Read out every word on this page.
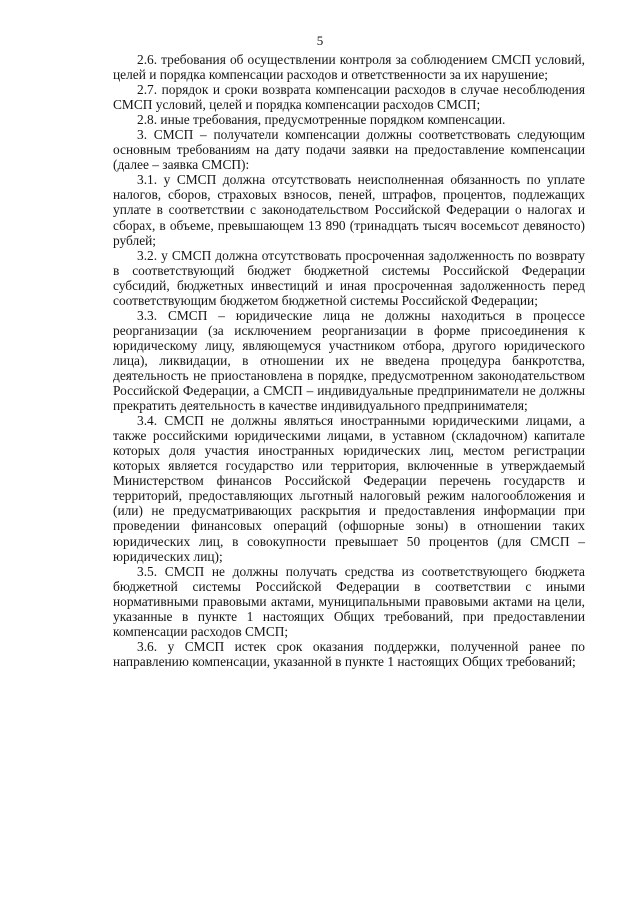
5

2.6. требования об осуществлении контроля за соблюдением СМСП условий, целей и порядка компенсации расходов и ответственности за их нарушение;

2.7. порядок и сроки возврата компенсации расходов в случае несоблюдения СМСП условий, целей и порядка компенсации расходов СМСП;

2.8. иные требования, предусмотренные порядком компенсации.

3. СМСП – получатели компенсации должны соответствовать следующим основным требованиям на дату подачи заявки на предоставление компенсации (далее – заявка СМСП):

3.1. у СМСП должна отсутствовать неисполненная обязанность по уплате налогов, сборов, страховых взносов, пеней, штрафов, процентов, подлежащих уплате в соответствии с законодательством Российской Федерации о налогах и сборах, в объеме, превышающем 13 890 (тринадцать тысяч восемьсот девяносто) рублей;

3.2. у СМСП должна отсутствовать просроченная задолженность по возврату в соответствующий бюджет бюджетной системы Российской Федерации субсидий, бюджетных инвестиций и иная просроченная задолженность перед соответствующим бюджетом бюджетной системы Российской Федерации;

3.3. СМСП – юридические лица не должны находиться в процессе реорганизации (за исключением реорганизации в форме присоединения к юридическому лицу, являющемуся участником отбора, другого юридического лица), ликвидации, в отношении их не введена процедура банкротства, деятельность не приостановлена в порядке, предусмотренном законодательством Российской Федерации, а СМСП – индивидуальные предприниматели не должны прекратить деятельность в качестве индивидуального предпринимателя;

3.4. СМСП не должны являться иностранными юридическими лицами, а также российскими юридическими лицами, в уставном (складочном) капитале которых доля участия иностранных юридических лиц, местом регистрации которых является государство или территория, включенные в утверждаемый Министерством финансов Российской Федерации перечень государств и территорий, предоставляющих льготный налоговый режим налогообложения и (или) не предусматривающих раскрытия и предоставления информации при проведении финансовых операций (офшорные зоны) в отношении таких юридических лиц, в совокупности превышает 50 процентов (для СМСП – юридических лиц);

3.5. СМСП не должны получать средства из соответствующего бюджета бюджетной системы Российской Федерации в соответствии с иными нормативными правовыми актами, муниципальными правовыми актами на цели, указанные в пункте 1 настоящих Общих требований, при предоставлении компенсации расходов СМСП;

3.6. у СМСП истек срок оказания поддержки, полученной ранее по направлению компенсации, указанной в пункте 1 настоящих Общих требований;
